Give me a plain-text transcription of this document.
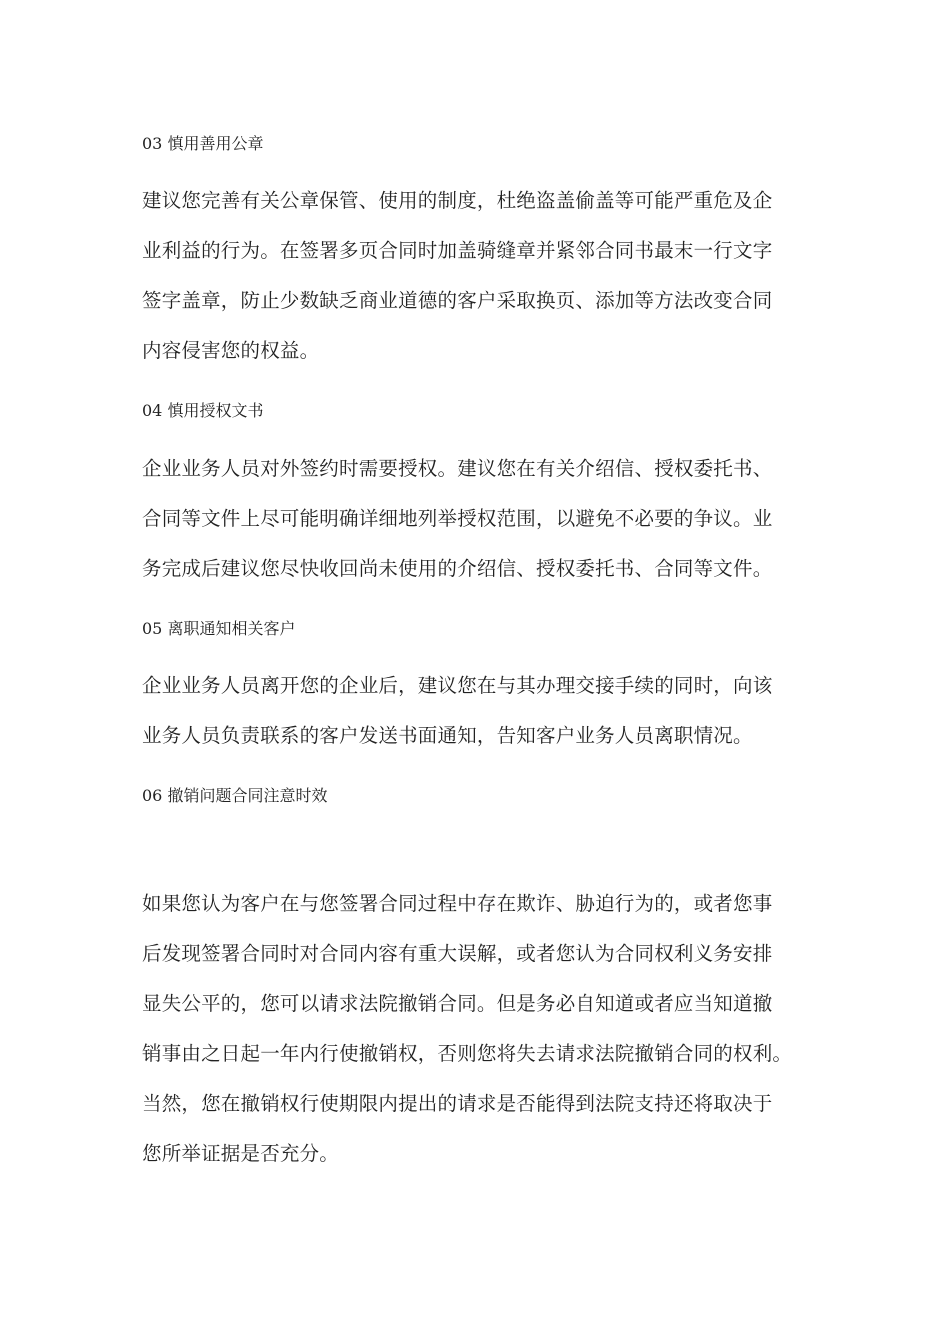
03 慎用善用公章
建议您完善有关公章保管、使用的制度，杜绝盗盖偷盖等可能严重危及企
业利益的行为。在签署多页合同时加盖骑缝章并紧邻合同书最末一行文字
签字盖章，防止少数缺乏商业道德的客户采取换页、添加等方法改变合同
内容侵害您的权益。
04 慎用授权文书
企业业务人员对外签约时需要授权。建议您在有关介绍信、授权委托书、
合同等文件上尽可能明确详细地列举授权范围，以避免不必要的争议。业
务完成后建议您尽快收回尚未使用的介绍信、授权委托书、合同等文件。
05 离职通知相关客户
企业业务人员离开您的企业后，建议您在与其办理交接手续的同时，向该
业务人员负责联系的客户发送书面通知，告知客户业务人员离职情况。
06 撤销问题合同注意时效
如果您认为客户在与您签署合同过程中存在欺诈、胁迫行为的，或者您事
后发现签署合同时对合同内容有重大误解，或者您认为合同权利义务安排
显失公平的，您可以请求法院撤销合同。但是务必自知道或者应当知道撤
销事由之日起一年内行使撤销权，否则您将失去请求法院撤销合同的权利。
当然，您在撤销权行使期限内提出的请求是否能得到法院支持还将取决于
您所举证据是否充分。
